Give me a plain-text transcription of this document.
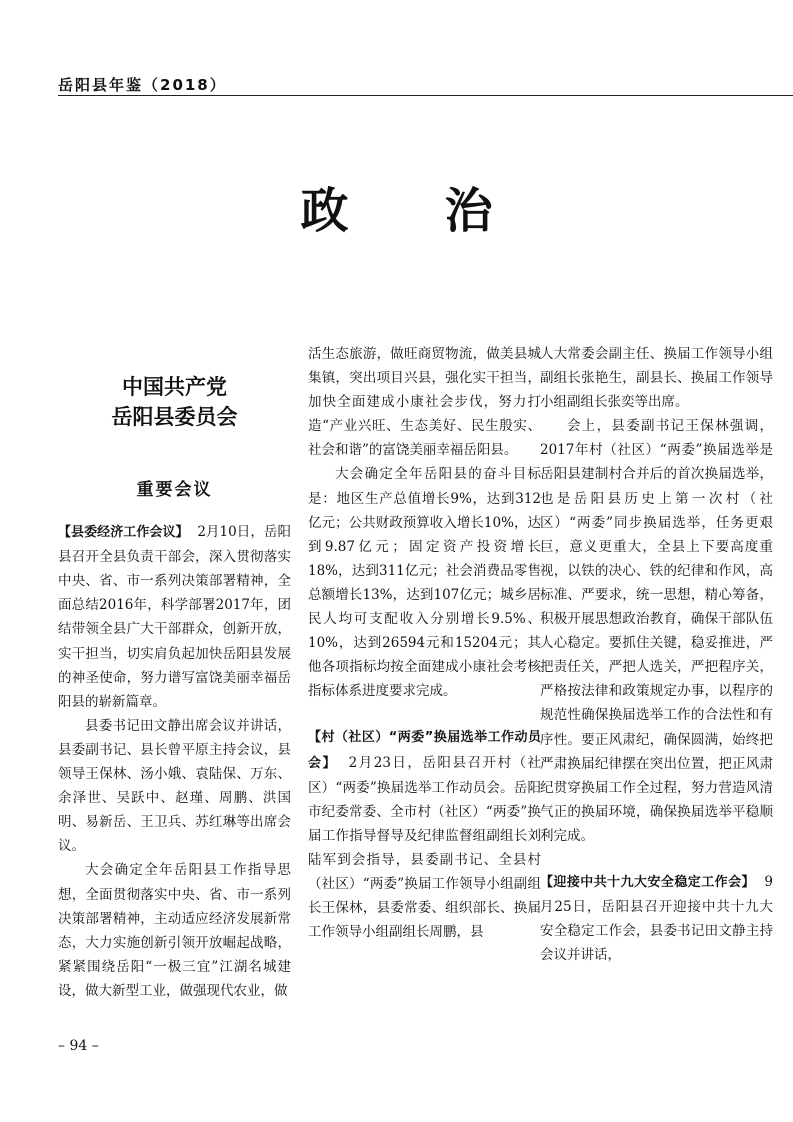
岳阳县年鉴（2018）
政治
中国共产党
岳阳县委员会
重要会议

【县委经济工作会议】 2月10日，岳阳县召开全县负责干部会，深入贯彻落实中央、省、市一系列决策部署精神，全面总结2016年，科学部署2017年，团结带领全县广大干部群众，创新开放，实干担当，切实肩负起加快岳阳县发展的神圣使命，努力谱写富饶美丽幸福岳阳县的崭新篇章。

县委书记田文静出席会议并讲话，县委副书记、县长曾平原主持会议，县领导王保林、汤小娥、袁陆保、万东、余泽世、吴跃中、赵瑾、周鹏、洪国明、易新岳、王卫兵、苏红琳等出席会议。

大会确定全年岳阳县工作指导思想，全面贯彻落实中央、省、市一系列决策部署精神，主动适应经济发展新常态，大力实施创新引领开放崛起战略，紧紧围绕岳阳“一极三宜”江湖名城建设，做大新型工业，做强现代农业，做

活生态旅游，做旺商贸物流，做美县城集镇，突出项目兴县，强化实干担当，加快全面建成小康社会步伐，努力打造“产业兴旺、生态美好、民生殷实、社会和谐”的富饶美丽幸福岳阳县。

大会确定全年岳阳县的奋斗目标是：地区生产总值增长9%，达到312亿元；公共财政预算收入增长10%，达到9.87亿元；固定资产投资增长18%，达到311亿元；社会消费品零售总额增长13%，达到107亿元；城乡居民人均可支配收入分别增长9.5%、10%，达到26594元和15204元；其他各项指标均按全面建成小康社会考核指标体系进度要求完成。

【村（社区）“两委”换届选举工作动员会】 2月23日，岳阳县召开村（社区）“两委”换届选举工作动员会。岳阳市纪委常委、全市村（社区）“两委”换届工作指导督导及纪律监督组副组长刘陆军到会指导，县委副书记、全县村（社区）“两委”换届工作领导小组副组长王保林，县委常委、组织部长、换届工作领导小组副组长周鹏，县

人大常委会副主任、换届工作领导小组副组长张艳生，副县长、换届工作领导小组副组长张奕等出席。

会上，县委副书记王保林强调，2017年村（社区）“两委”换届选举是岳阳县建制村合并后的首次换届选举，也是岳阳县历史上第一次村（社区）“两委”同步换届选举，任务更艰巨，意义更重大，全县上下要高度重视，以铁的决心、铁的纪律和作风，高标准、严要求，统一思想，精心筹备，积极开展思想政治教育，确保干部队伍人心稳定。要抓住关键，稳妥推进，严把责任关，严把人选关，严把程序关，严格按法律和政策规定办事，以程序的规范性确保换届选举工作的合法性和有序性。要正风肃纪，确保圆满，始终把严肃换届纪律摆在突出位置，把正风肃纪贯穿换届工作全过程，努力营造风清气正的换届环境，确保换届选举平稳顺利完成。

【迎接中共十九大安全稳定工作会】 9月25日，岳阳县召开迎接中共十九大安全稳定工作会，县委书记田文静主持会议并讲话，

– 94 –
